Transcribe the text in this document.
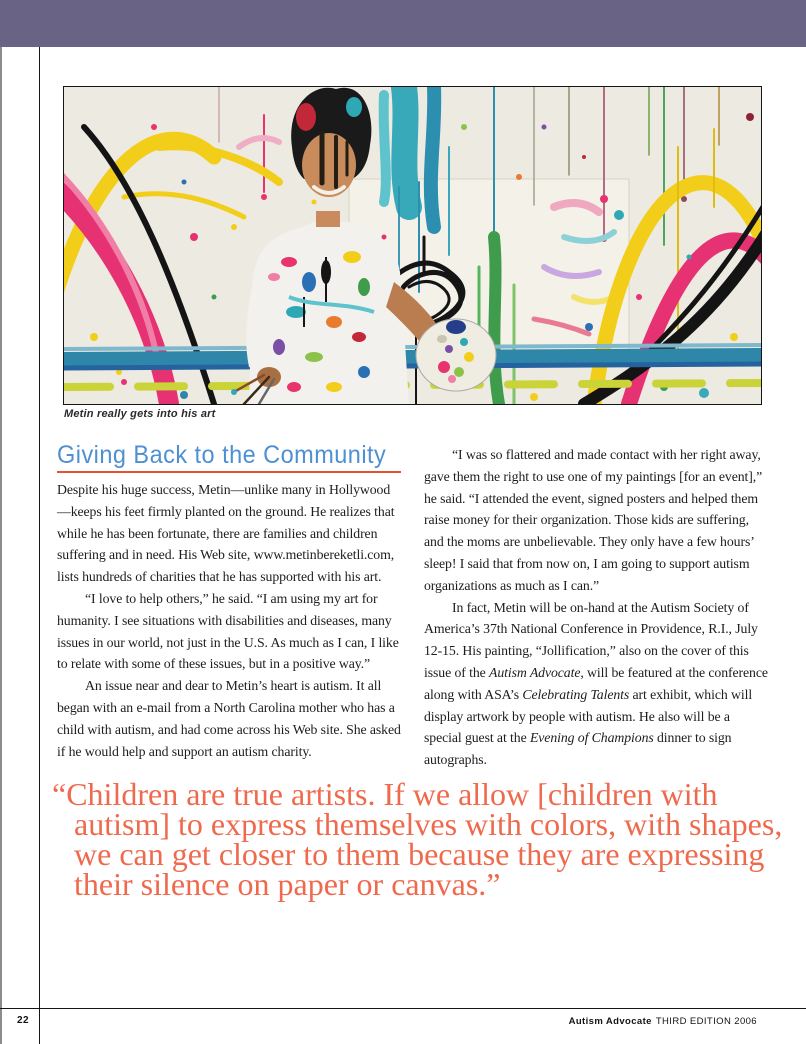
Metin really gets into his art
Giving Back to the Community

Despite his huge success, Metin—unlike many in Hollywood—keeps his feet firmly planted on the ground. He realizes that while he has been fortunate, there are families and children suffering and in need. His Web site, www.metinbereketli.com, lists hundreds of charities that he has supported with his art.

“I love to help others,” he said. “I am using my art for humanity. I see situations with disabilities and diseases, many issues in our world, not just in the U.S. As much as I can, I like to relate with some of these issues, but in a positive way.”

An issue near and dear to Metin’s heart is autism. It all began with an e-mail from a North Carolina mother who has a child with autism, and had come across his Web site. She asked if he would help and support an autism charity.

“I was so flattered and made contact with her right away, gave them the right to use one of my paintings [for an event],” he said. “I attended the event, signed posters and helped them raise money for their organization. Those kids are suffering, and the moms are unbelievable. They only have a few hours’ sleep! I said that from now on, I am going to support autism organizations as much as I can.”

In fact, Metin will be on-hand at the Autism Society of America’s 37th National Conference in Providence, R.I., July 12-15. His painting, “Jollification,” also on the cover of this issue of the Autism Advocate, will be featured at the conference along with ASA’s Celebrating Talents art exhibit, which will display artwork by people with autism. He also will be a special guest at the Evening of Champions dinner to sign autographs.

“Children are true artists. If we allow [children with autism] to express themselves with colors, with shapes, we can get closer to them because they are expressing their silence on paper or canvas.”
22	Autism Advocate THIRD EDITION 2006
